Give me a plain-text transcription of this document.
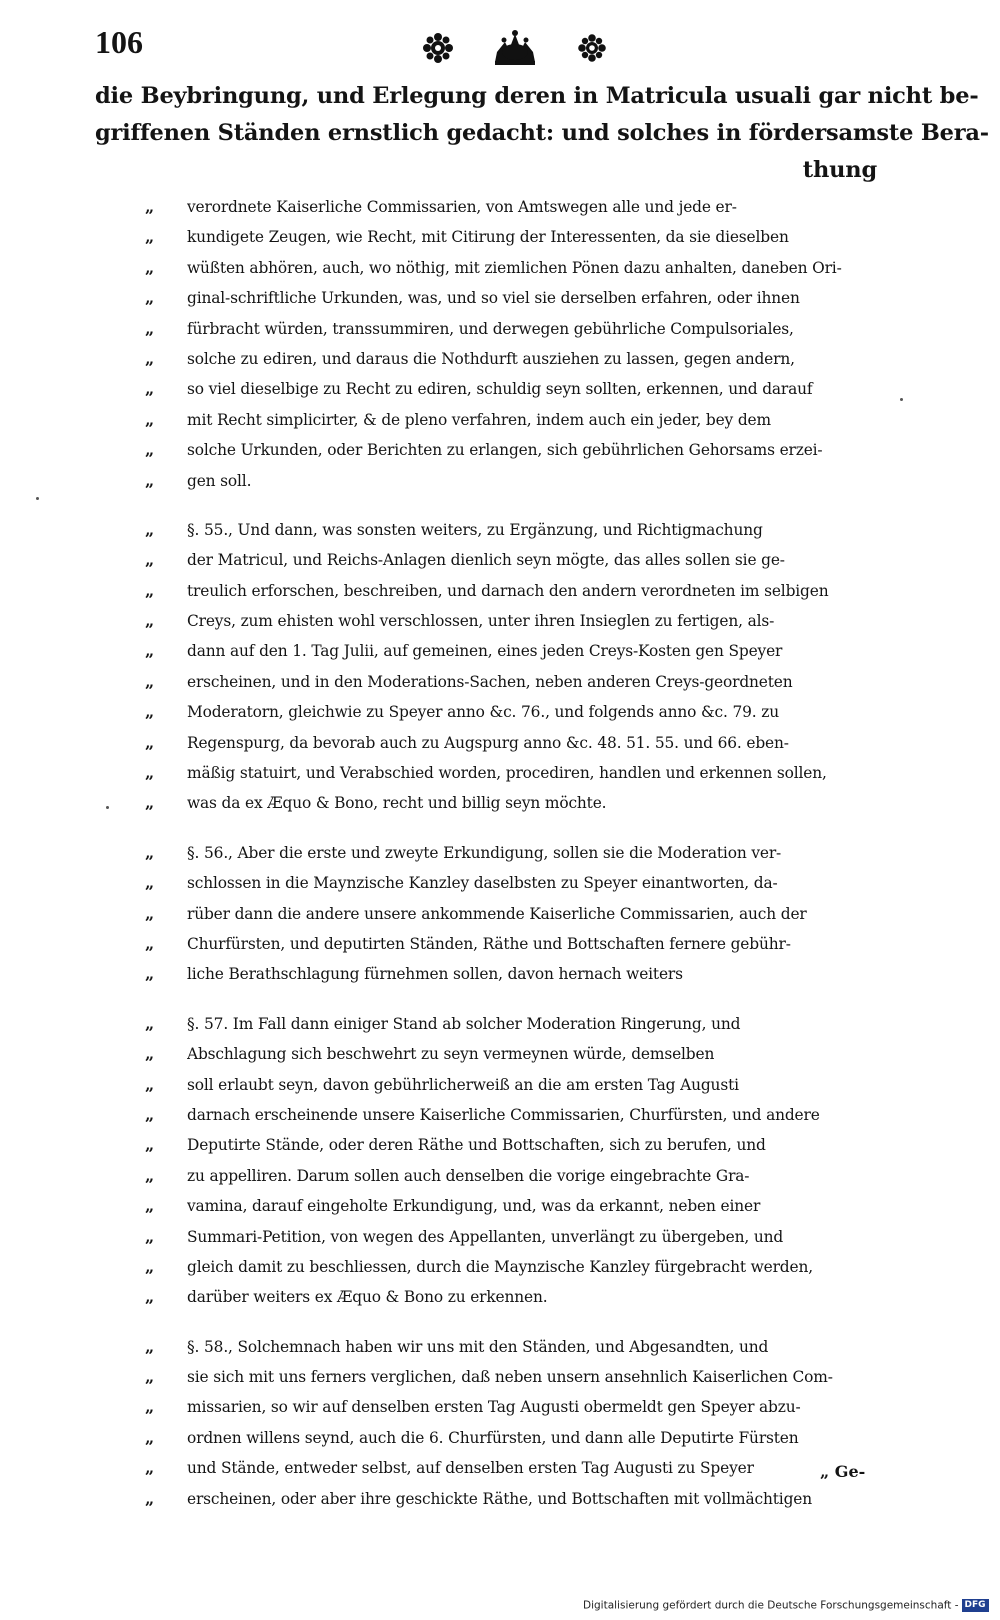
106
die Beybringung, und Erlegung deren in Matricula usuali gar nicht be-
griffenen Ständen ernstlich gedacht: und solches in fördersamste Bera-
thung
„	verordnete Kaiserliche Commissarien, von Amtswegen alle und jede er-
„	kundigete Zeugen, wie Recht, mit Citirung der Interessenten, da sie dieselben
„	wüßten abhören, auch, wo nöthig, mit ziemlichen Pönen dazu anhalten, daneben Ori-
„	ginal-schriftliche Urkunden, was, und so viel sie derselben erfahren, oder ihnen
„	fürbracht würden, transsummiren, und derwegen gebührliche Compulsoriales,
„	solche zu ediren, und daraus die Nothdurft ausziehen zu lassen, gegen andern,
„	so viel dieselbige zu Recht zu ediren, schuldig seyn sollten, erkennen, und darauf
„	mit Recht simplicirter, & de pleno verfahren, indem auch ein jeder, bey dem
„	solche Urkunden, oder Berichten zu erlangen, sich gebührlichen Gehorsams erzei-
„	gen soll.
„	§. 55., Und dann, was sonsten weiters, zu Ergänzung, und Richtigmachung
„	der Matricul, und Reichs-Anlagen dienlich seyn mögte, das alles sollen sie ge-
„	treulich erforschen, beschreiben, und darnach den andern verordneten im selbigen
„	Creys, zum ehisten wohl verschlossen, unter ihren Insieglen zu fertigen, als-
„	dann auf den 1. Tag Julii, auf gemeinen, eines jeden Creys-Kosten gen Speyer
„	erscheinen, und in den Moderations-Sachen, neben anderen Creys-geordneten
„	Moderatorn, gleichwie zu Speyer anno &c. 76., und folgends anno &c. 79. zu
„	Regenspurg, da bevorab auch zu Augspurg anno &c. 48. 51. 55. und 66. eben-
„	mäßig statuirt, und Verabschied worden, procediren, handlen und erkennen sollen,
„	was da ex Æquo & Bono, recht und billig seyn möchte.
„	§. 56., Aber die erste und zweyte Erkundigung, sollen sie die Moderation ver-
„	schlossen in die Maynzische Kanzley daselbsten zu Speyer einantworten, da-
„	rüber dann die andere unsere ankommende Kaiserliche Commissarien, auch der
„	Churfürsten, und deputirten Ständen, Räthe und Bottschaften fernere gebühr-
„	liche Berathschlagung fürnehmen sollen, davon hernach weiters
„	§. 57. Im Fall dann einiger Stand ab solcher Moderation Ringerung, und
„	Abschlagung sich beschwehrt zu seyn vermeynen würde, demselben
„	soll erlaubt seyn, davon gebührlicherweiß an die am ersten Tag Augusti
„	darnach erscheinende unsere Kaiserliche Commissarien, Churfürsten, und andere
„	Deputirte Stände, oder deren Räthe und Bottschaften, sich zu berufen, und
„	zu appelliren. Darum sollen auch denselben die vorige eingebrachte Gra-
„	vamina, darauf eingeholte Erkundigung, und, was da erkannt, neben einer
„	Summari-Petition, von wegen des Appellanten, unverlängt zu übergeben, und
„	gleich damit zu beschliessen, durch die Maynzische Kanzley fürgebracht werden,
„	darüber weiters ex Æquo & Bono zu erkennen.
„	§. 58., Solchemnach haben wir uns mit den Ständen, und Abgesandten, und
„	sie sich mit uns ferners verglichen, daß neben unsern ansehnlich Kaiserlichen Com-
„	missarien, so wir auf denselben ersten Tag Augusti obermeldt gen Speyer abzu-
„	ordnen willens seynd, auch die 6. Churfürsten, und dann alle Deputirte Fürsten
„	und Stände, entweder selbst, auf denselben ersten Tag Augusti zu Speyer
„	erscheinen, oder aber ihre geschickte Räthe, und Bottschaften mit vollmächtigen
„ Ge-
Digitalisierung gefördert durch die Deutsche Forschungsgemeinschaft - DFG
